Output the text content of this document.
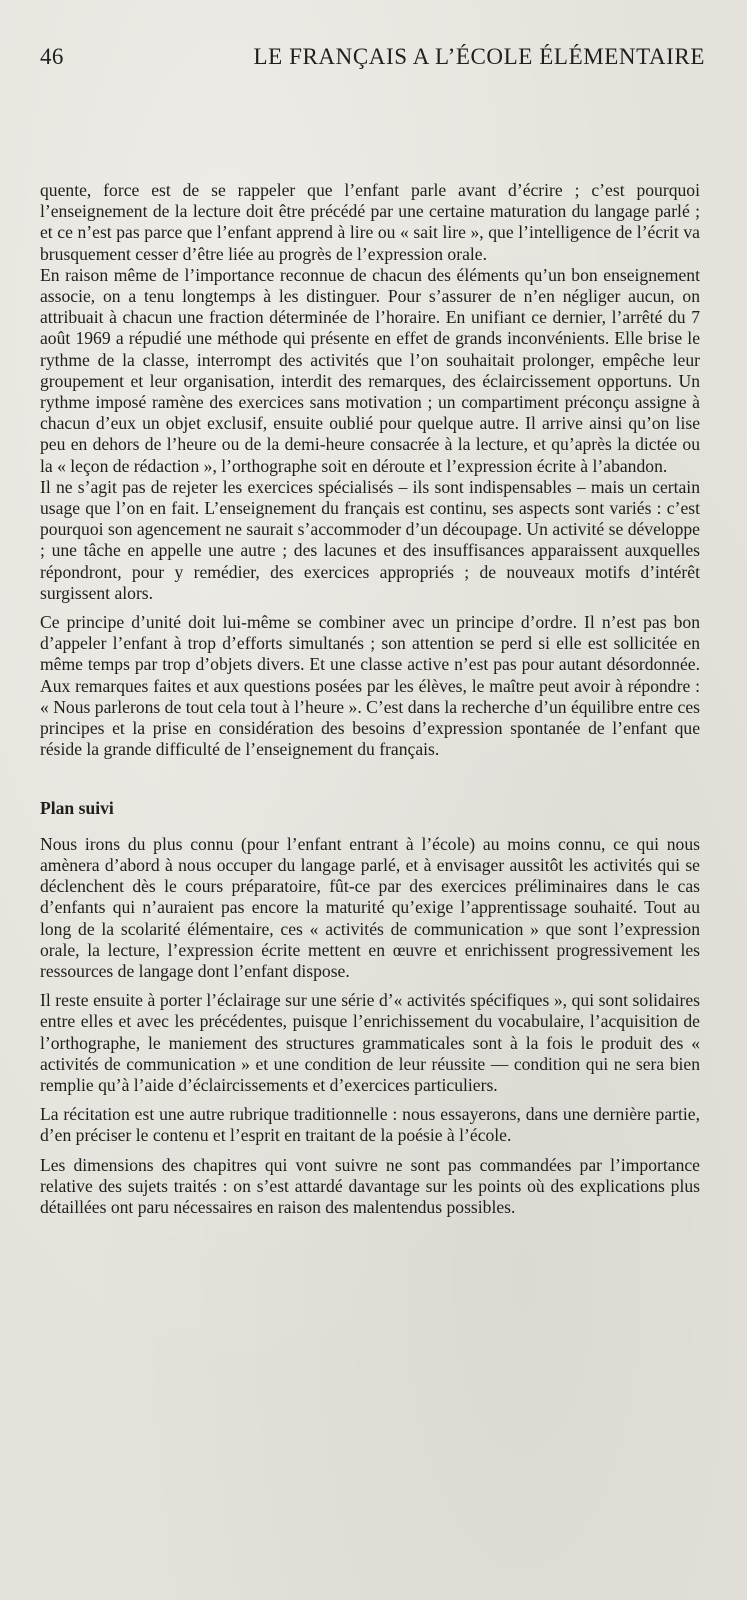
46	LE FRANÇAIS A L’ÉCOLE ÉLÉMENTAIRE

quente, force est de se rappeler que l’enfant parle avant d’écrire ; c’est pourquoi l’enseignement de la lecture doit être précédé par une certaine maturation du langage parlé ; et ce n’est pas parce que l’enfant apprend à lire ou « sait lire », que l’intelligence de l’écrit va brusquement cesser d’être liée au progrès de l’expression orale.

En raison même de l’importance reconnue de chacun des éléments qu’un bon enseignement associe, on a tenu longtemps à les distinguer. Pour s’assurer de n’en négliger aucun, on attribuait à chacun une fraction déterminée de l’horaire. En unifiant ce dernier, l’arrêté du 7 août 1969 a répudié une méthode qui présente en effet de grands inconvénients. Elle brise le rythme de la classe, interrompt des activités que l’on souhaitait prolonger, empêche leur groupement et leur organisation, interdit des remarques, des éclaircissement opportuns. Un rythme imposé ramène des exercices sans motivation ; un compartiment préconçu assigne à chacun d’eux un objet exclusif, ensuite oublié pour quelque autre. Il arrive ainsi qu’on lise peu en dehors de l’heure ou de la demi-heure consacrée à la lecture, et qu’après la dictée ou la « leçon de rédaction », l’orthographe soit en déroute et l’expression écrite à l’abandon.

Il ne s’agit pas de rejeter les exercices spécialisés – ils sont indispensables – mais un certain usage que l’on en fait. L’enseignement du français est continu, ses aspects sont variés : c’est pourquoi son agencement ne saurait s’accommoder d’un découpage. Un activité se développe ; une tâche en appelle une autre ; des lacunes et des insuffisances apparaissent auxquelles répondront, pour y remédier, des exercices appropriés ; de nouveaux motifs d’intérêt surgissent alors.

Ce principe d’unité doit lui-même se combiner avec un principe d’ordre. Il n’est pas bon d’appeler l’enfant à trop d’efforts simultanés ; son attention se perd si elle est sollicitée en même temps par trop d’objets divers. Et une classe active n’est pas pour autant désordonnée. Aux remarques faites et aux questions posées par les élèves, le maître peut avoir à répondre : « Nous parlerons de tout cela tout à l’heure ». C’est dans la recherche d’un équilibre entre ces principes et la prise en considération des besoins d’expression spontanée de l’enfant que réside la grande difficulté de l’enseignement du français.

Plan suivi

Nous irons du plus connu (pour l’enfant entrant à l’école) au moins connu, ce qui nous amènera d’abord à nous occuper du langage parlé, et à envisager aussitôt les activités qui se déclenchent dès le cours préparatoire, fût-ce par des exercices préliminaires dans le cas d’enfants qui n’auraient pas encore la maturité qu’exige l’apprentissage souhaité. Tout au long de la scolarité élémentaire, ces « activités de communication » que sont l’expression orale, la lecture, l’expression écrite mettent en œuvre et enrichissent progressivement les ressources de langage dont l’enfant dispose.

Il reste ensuite à porter l’éclairage sur une série d’« activités spécifiques », qui sont solidaires entre elles et avec les précédentes, puisque l’enrichissement du vocabulaire, l’acquisition de l’orthographe, le maniement des structures grammaticales sont à la fois le produit des « activités de communication » et une condition de leur réussite — condition qui ne sera bien remplie qu’à l’aide d’éclaircissements et d’exercices particuliers.

La récitation est une autre rubrique traditionnelle : nous essayerons, dans une dernière partie, d’en préciser le contenu et l’esprit en traitant de la poésie à l’école.

Les dimensions des chapitres qui vont suivre ne sont pas commandées par l’importance relative des sujets traités : on s’est attardé davantage sur les points où des explications plus détaillées ont paru nécessaires en raison des malentendus possibles.
